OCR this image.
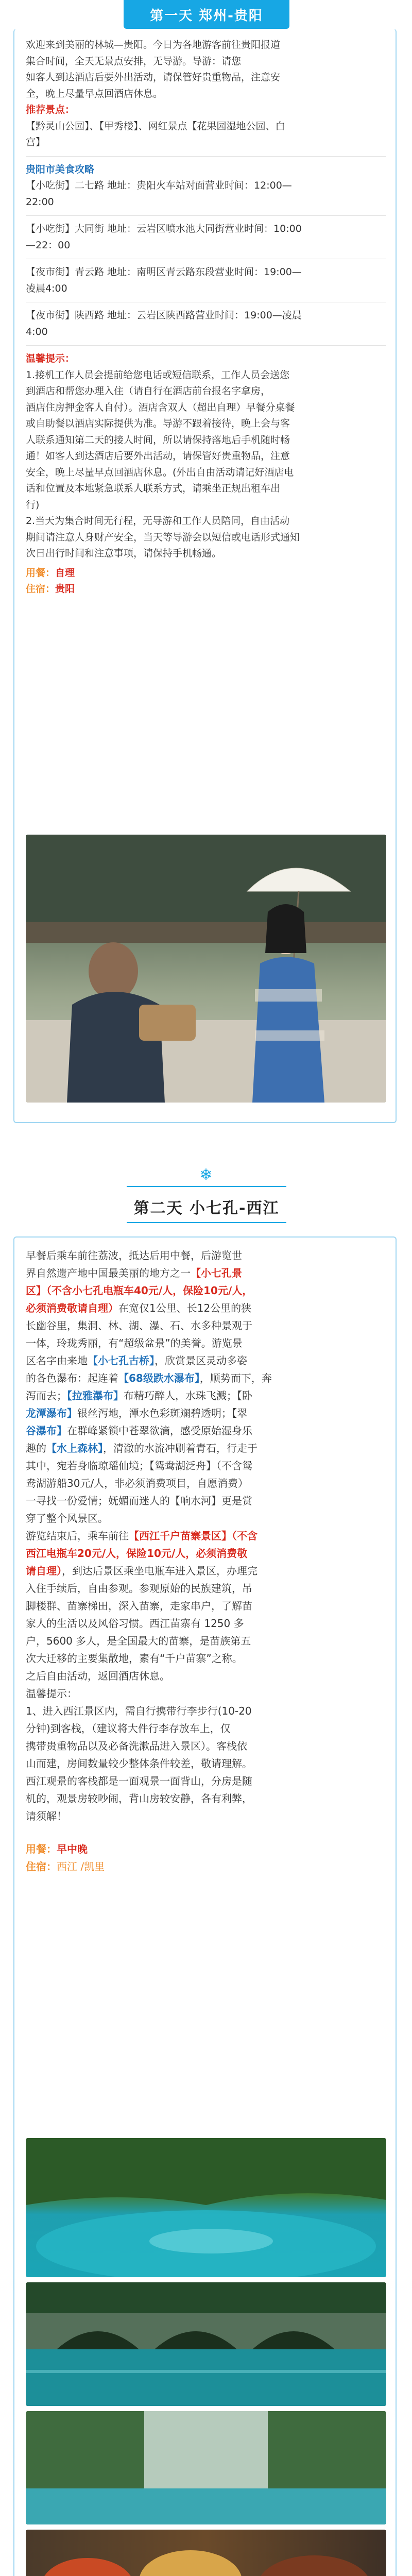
第一天 郑州-贵阳
欢迎来到美丽的林城—贵阳。今日为各地游客前往贵阳报道
集合时间，全天无景点安排，无导游。导游：请您
如客人到达酒店后要外出活动，请保管好贵重物品，注意安
全，晚上尽量早点回酒店休息。
推荐景点：
【黔灵山公园】、【甲秀楼】、网红景点【花果园湿地公园、白
宫】
贵阳市美食攻略
【小吃街】二七路 地址：贵阳火车站对面营业时间：12:00—
22:00
【小吃街】大同街 地址：云岩区喷水池大同街营业时间：10:00
—22：00
【夜市街】青云路 地址：南明区青云路东段营业时间：19:00—
凌晨4:00
【夜市街】陕西路 地址：云岩区陕西路营业时间：19:00—凌晨
4:00
温馨提示：
1.接机工作人员会提前给您电话或短信联系，工作人员会送您
到酒店和帮您办理入住（请自行在酒店前台报名字拿房，
酒店住房押金客人自付）。酒店含双人（超出自理）早餐分桌餐
或自助餐以酒店实际提供为准。导游不跟着接待，晚上会与客
人联系通知第二天的接人时间，所以请保持落地后手机随时畅
通！如客人到达酒店后要外出活动，请保管好贵重物品，注意
安全，晚上尽量早点回酒店休息。(外出自由活动请记好酒店电
话和位置及本地紧急联系人联系方式，请乘坐正规出租车出
行)
2.当天为集合时间无行程，无导游和工作人员陪同，自由活动
期间请注意人身财产安全，当天等导游会以短信或电话形式通知
次日出行时间和注意事项，请保持手机畅通。
用餐：自理
住宿：贵阳
❄
第二天 小七孔-西江
早餐后乘车前往荔波，抵达后用中餐，后游览世
界自然遗产地中国最美丽的地方之一【小七孔景
区】（不含小七孔电瓶车40元/人，保险10元/人，
必须消费敬请自理）在宽仅1公里、长12公里的狭
长幽谷里，集洞、林、湖、瀑、石、水多种景观于
一体，玲珑秀丽，有“超级盆景”的美誉。游览景
区名字由来地【小七孔古桥】，欣赏景区灵动多姿
的各色瀑布：起连着【68级跌水瀑布】，顺势而下，奔
泻而去；【拉雅瀑布】布精巧醉人，水珠飞溅；【卧
龙潭瀑布】银丝泻地，潭水色彩斑斓碧透明；【翠
谷瀑布】在群峰紧锁中苍翠欲滴，感受原始湿身乐
趣的【水上森林】，清澈的水流冲刷着青石，行走于
其中，宛若身临琼瑶仙境；【鸳鸯湖泛舟】（不含鸳
鸯湖游船30元/人，非必须消费项目，自愿消费）
一寻找一份爱情；妩媚而迷人的【响水河】更是赏
穿了整个风景区。
游览结束后，乘车前往【西江千户苗寨景区】（不含
西江电瓶车20元/人，保险10元/人，必须消费敬
请自理），到达后景区乘坐电瓶车进入景区，办理完
入住手续后，自由参观。参观原始的民族建筑，吊
脚楼群、苗寨梯田，深入苗寨，走家串户，了解苗
家人的生活以及风俗习惯。西江苗寨有 1250 多
户，5600 多人，是全国最大的苗寨，是苗族第五
次大迁移的主要集散地，素有“千户苗寨”之称。
之后自由活动，返回酒店休息。
温馨提示：
1、进入西江景区内，需自行携带行李步行(10-20
分钟)到客栈，（建议将大件行李存放车上，仅
携带贵重物品以及必备洗漱品进入景区）。客栈依
山而建，房间数量较少整体条件较差，敬请理解。
西江观景的客栈都是一面观景一面背山，分房是随
机的，观景房较吵闹，背山房较安静，各有利弊，
请须解！
用餐：早中晚
住宿：西江 /凯里
